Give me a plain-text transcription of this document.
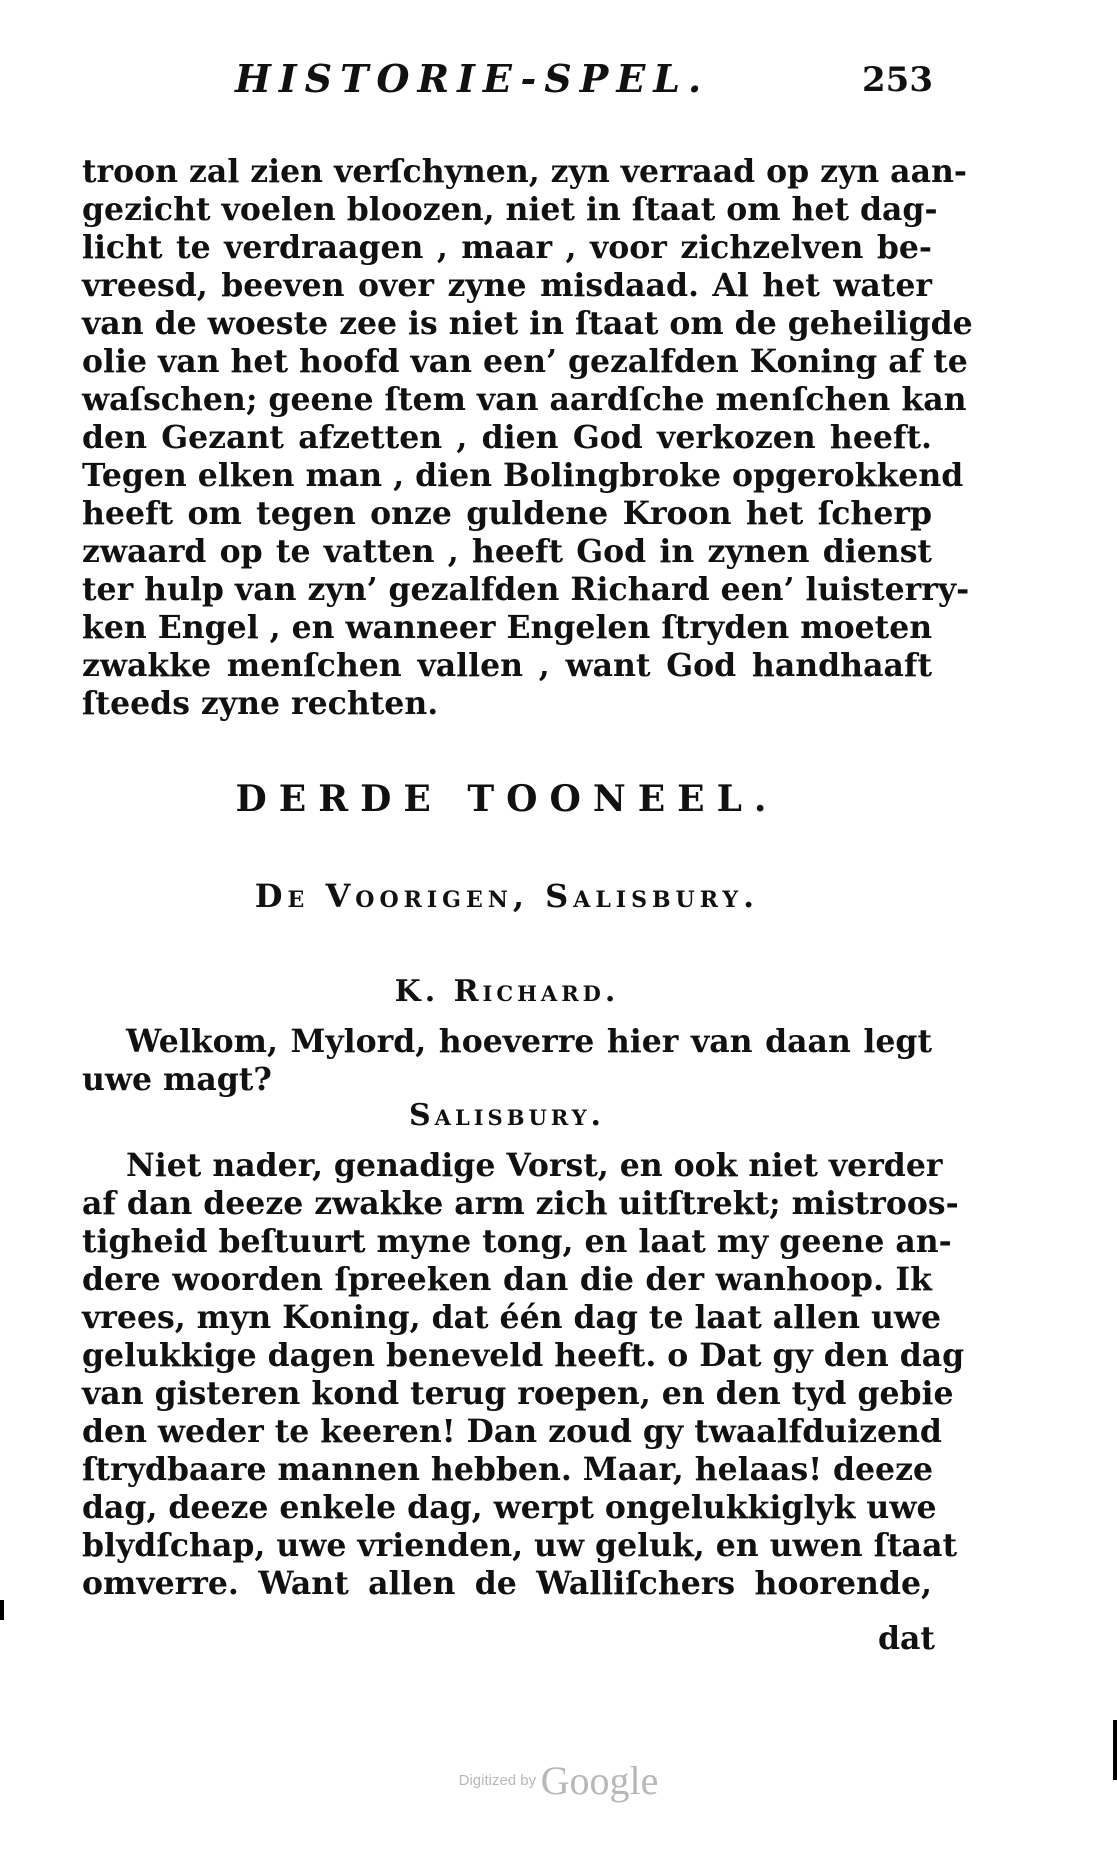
HISTORIE-SPEL.	253
troon zal zien verſchynen, zyn verraad op zyn aan-
gezicht voelen bloozen, niet in ſtaat om het dag-
licht te verdraagen , maar , voor zichzelven be-
vreesd, beeven over zyne misdaad. Al het water
van de woeste zee is niet in ſtaat om de geheiligde
olie van het hoofd van een’ gezalfden Koning af te
waſschen; geene ſtem van aardſche menſchen kan
den Gezant afzetten , dien God verkozen heeft.
Tegen elken man , dien Bolingbroke opgerokkend
heeft om tegen onze guldene Kroon het ſcherp
zwaard op te vatten , heeft God in zynen dienst
ter hulp van zyn’ gezalfden Richard een’ luisterry-
ken Engel , en wanneer Engelen ſtryden moeten
zwakke menſchen vallen , want God handhaaft
ſteeds zyne rechten.
DERDE TOONEEL.
De Voorigen, Salisbury.
K. Richard.
Welkom, Mylord, hoeverre hier van daan legt
uwe magt?
Salisbury.
Niet nader, genadige Vorst, en ook niet verder
af dan deeze zwakke arm zich uitſtrekt; mistroos-
tigheid beſtuurt myne tong, en laat my geene an-
dere woorden ſpreeken dan die der wanhoop. Ik
vrees, myn Koning, dat één dag te laat allen uwe
gelukkige dagen beneveld heeft. o Dat gy den dag
van gisteren kond terug roepen, en den tyd gebie
den weder te keeren! Dan zoud gy twaalfduizend
ſtrydbaare mannen hebben. Maar, helaas! deeze
dag, deeze enkele dag, werpt ongelukkiglyk uwe
blydſchap, uwe vrienden, uw geluk, en uwen ſtaat
omverre. Want allen de Walliſchers hoorende,
dat
Digitized by Google
